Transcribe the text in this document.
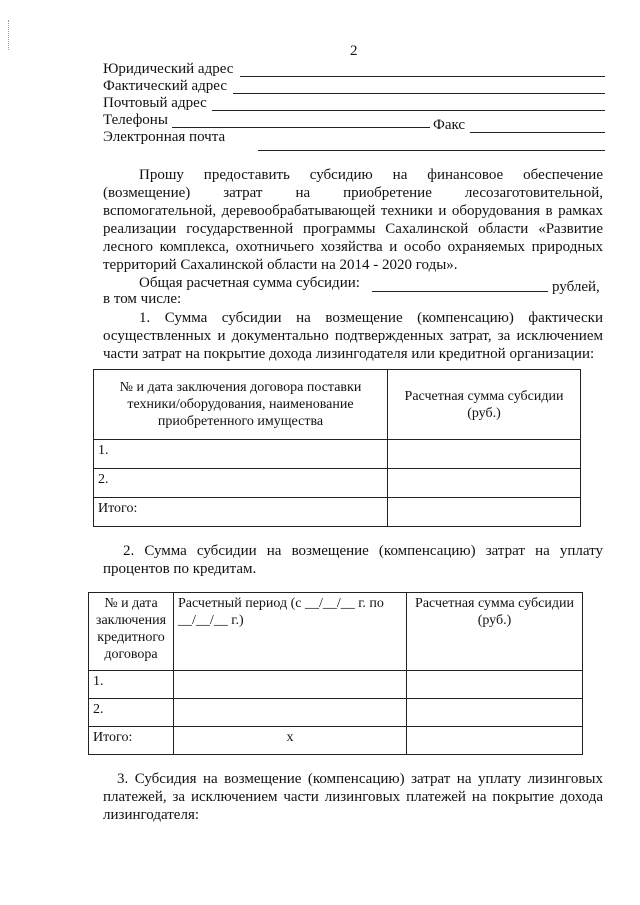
2
Юридический адрес
Фактический адрес
Почтовый адрес
Телефоны	Факс
Электронная почта
Прошу предоставить субсидию на финансовое обеспечение
(возмещение) затрат на приобретение лесозаготовительной,
вспомогательной, деревообрабатывающей техники и оборудования в рамках
реализации государственной программы Сахалинской области «Развитие
лесного комплекса, охотничьего хозяйства и особо охраняемых природных
территорий Сахалинской области на 2014 - 2020 годы».
Общая расчетная сумма субсидии:	рублей,
в том числе:
1. Сумма субсидии на возмещение (компенсацию) фактически
осуществленных и документально подтвержденных затрат, за исключением
части затрат на покрытие дохода лизингодателя или кредитной организации:
№ и дата заключения договора поставки техники/оборудования, наименование приобретенного имущества	Расчетная сумма субсидии (руб.)
1.	
2.	
Итого:	
2. Сумма субсидии на возмещение (компенсацию) затрат на уплату
процентов по кредитам.
№ и дата заключения кредитного договора	Расчетный период (с __/__/__ г. по __/__/__ г.)	Расчетная сумма субсидии (руб.)
1.		
2.		
Итого:	x	
3. Субсидия на возмещение (компенсацию) затрат на уплату лизинговых
платежей, за исключением части лизинговых платежей на покрытие дохода
лизингодателя:
